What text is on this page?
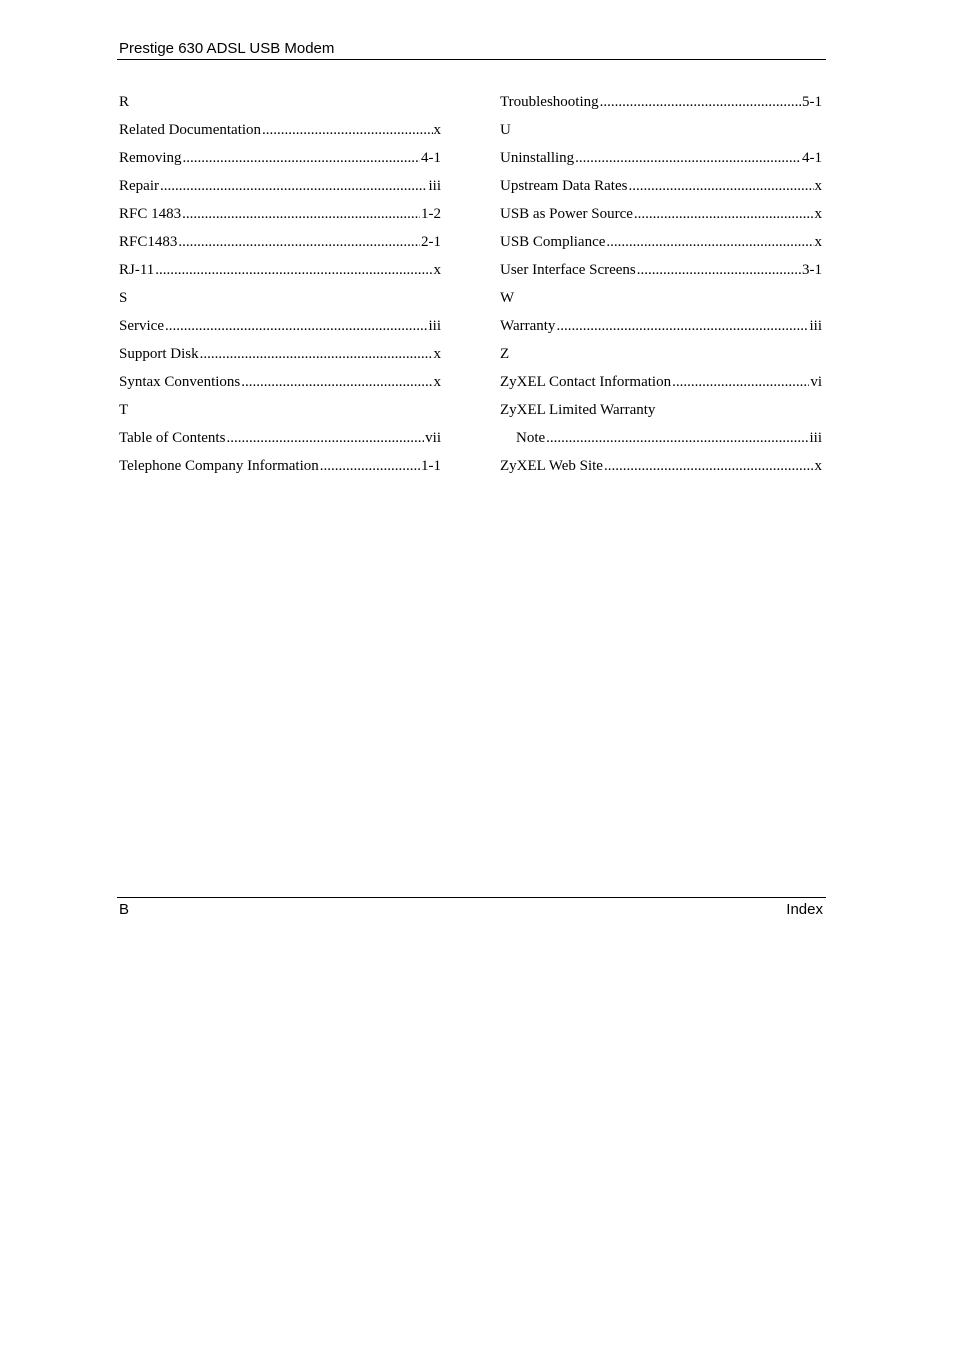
Prestige 630 ADSL USB Modem
R
Related Documentation .....	x
Removing .....	4-1
Repair .....	iii
RFC 1483 .....	1-2
RFC1483 .....	2-1
RJ-11 .....	x
S
Service .....	iii
Support Disk .....	x
Syntax Conventions .....	x
T
Table of Contents .....	vii
Telephone Company Information .....	1-1
Troubleshooting .....	5-1
U
Uninstalling .....	4-1
Upstream Data Rates .....	x
USB as Power Source .....	x
USB Compliance .....	x
User Interface Screens .....	3-1
W
Warranty .....	iii
Z
ZyXEL Contact Information .....	vi
ZyXEL Limited Warranty
Note .....	iii
ZyXEL Web Site .....	x
B	Index
